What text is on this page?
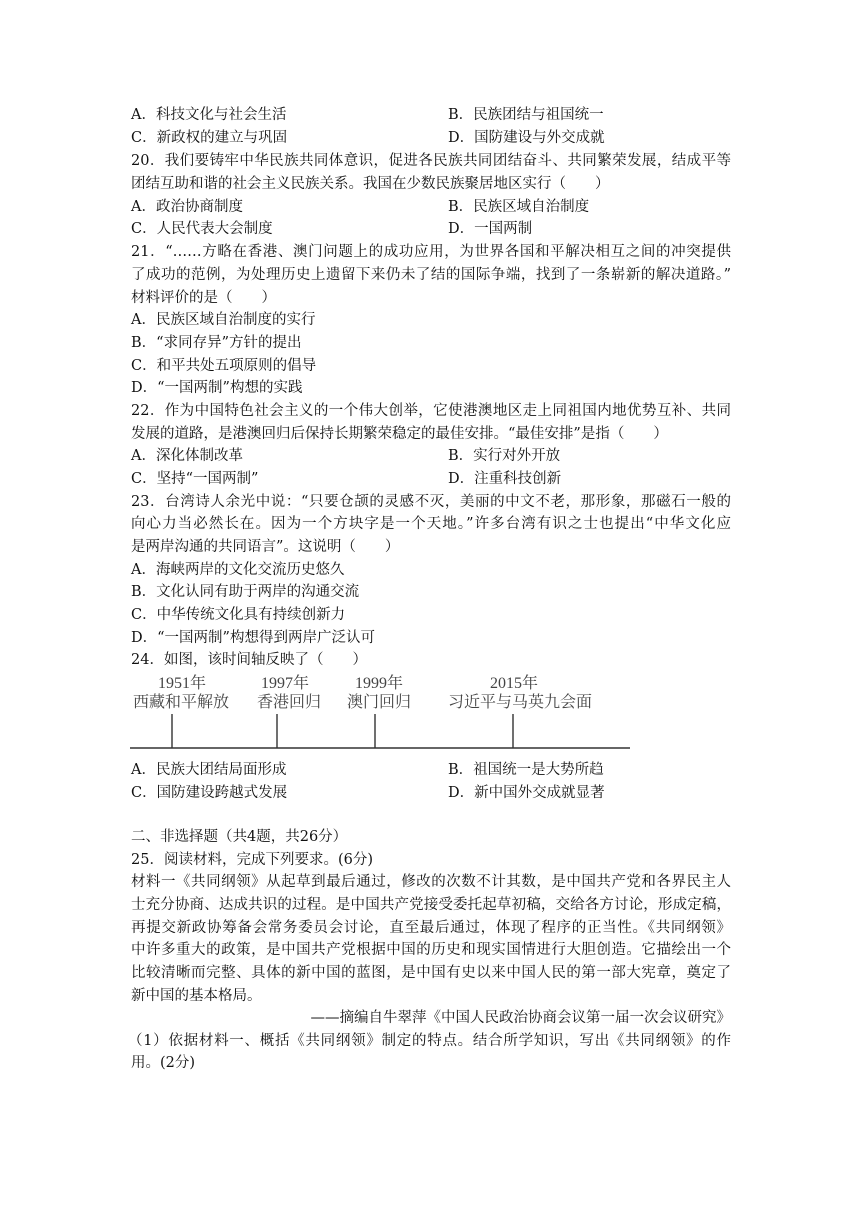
A．科技文化与社会生活	B．民族团结与祖国统一
C．新政权的建立与巩固	D．国防建设与外交成就
20．我们要铸牢中华民族共同体意识，促进各民族共同团结奋斗、共同繁荣发展，结成平等
团结互助和谐的社会主义民族关系。我国在少数民族聚居地区实行（　　）
A．政治协商制度	B．民族区域自治制度
C．人民代表大会制度	D．一国两制
21．“……方略在香港、澳门问题上的成功应用，为世界各国和平解决相互之间的冲突提供
了成功的范例，为处理历史上遗留下来仍未了结的国际争端，找到了一条崭新的解决道路。”
材料评价的是（　　）
A．民族区域自治制度的实行
B．“求同存异”方针的提出
C．和平共处五项原则的倡导
D．“一国两制”构想的实践
22．作为中国特色社会主义的一个伟大创举，它使港澳地区走上同祖国内地优势互补、共同
发展的道路，是港澳回归后保持长期繁荣稳定的最佳安排。“最佳安排”是指（　　）
A．深化体制改革	B．实行对外开放
C．坚持“一国两制”	D．注重科技创新
23．台湾诗人余光中说：“只要仓颉的灵感不灭，美丽的中文不老，那形象，那磁石一般的
向心力当必然长在。因为一个方块字是一个天地。”许多台湾有识之士也提出“中华文化应
是两岸沟通的共同语言”。这说明（　　）
A．海峡两岸的文化交流历史悠久
B．文化认同有助于两岸的沟通交流
C．中华传统文化具有持续创新力
D．“一国两制”构想得到两岸广泛认可
24．如图，该时间轴反映了（　　）
1951年
西藏和平解放
1997年
香港回归
1999年
澳门回归
2015年
习近平与马英九会面
A．民族大团结局面形成	B．祖国统一是大势所趋
C．国防建设跨越式发展	D．新中国外交成就显著
二、非选择题（共4题，共26分）
25．阅读材料，完成下列要求。(6分)
材料一《共同纲领》从起草到最后通过，修改的次数不计其数，是中国共产党和各界民主人
士充分协商、达成共识的过程。是中国共产党接受委托起草初稿，交给各方讨论，形成定稿，
再提交新政协筹备会常务委员会讨论，直至最后通过，体现了程序的正当性。《共同纲领》
中许多重大的政策，是中国共产党根据中国的历史和现实国情进行大胆创造。它描绘出一个
比较清晰而完整、具体的新中国的蓝图，是中国有史以来中国人民的第一部大宪章，奠定了
新中国的基本格局。
——摘编自牛翠萍《中国人民政治协商会议第一届一次会议研究》
（1）依据材料一、概括《共同纲领》制定的特点。结合所学知识，写出《共同纲领》的作
用。(2分)
